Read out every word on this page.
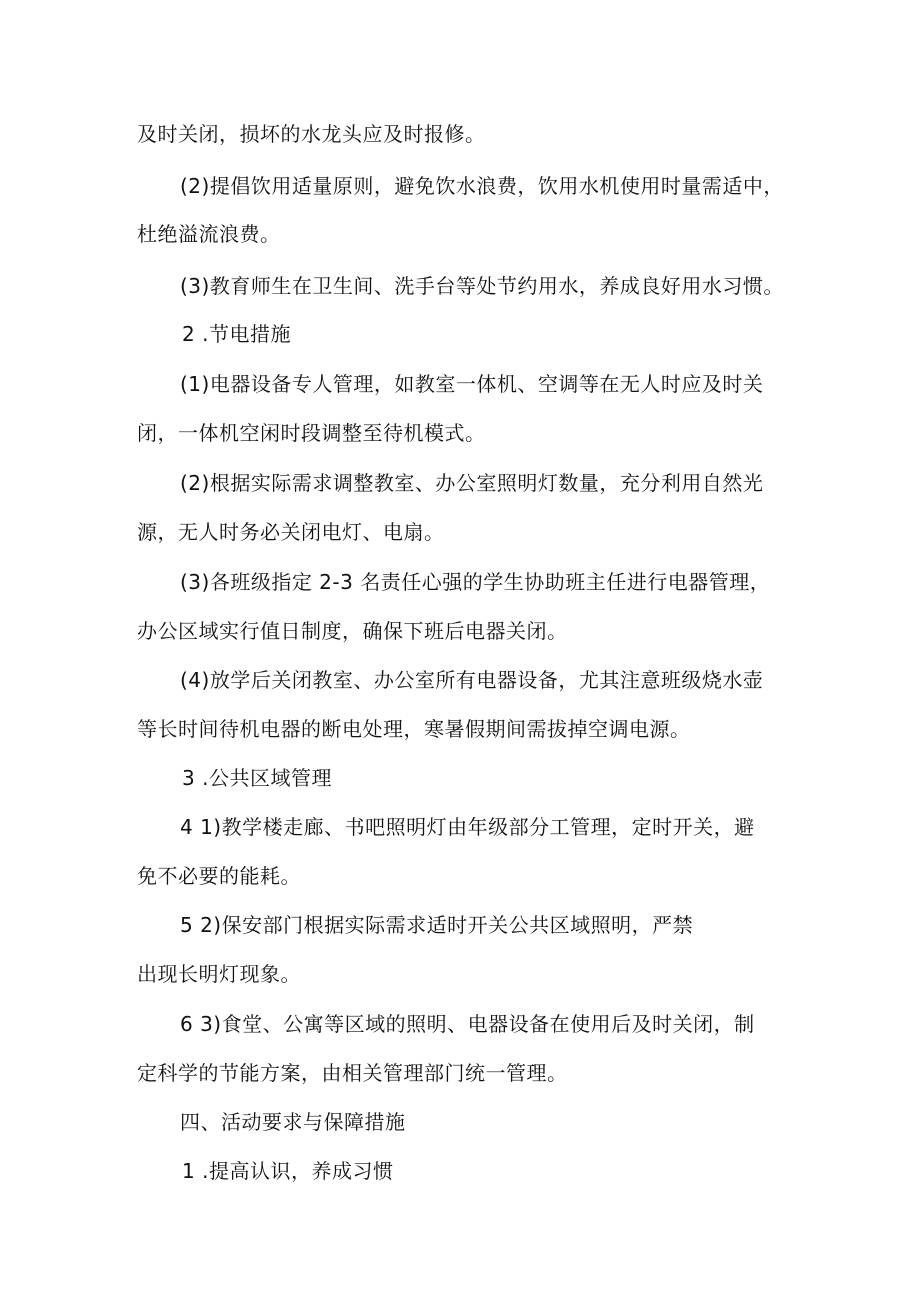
及时关闭，损坏的水龙头应及时报修。
(2)提倡饮用适量原则，避免饮水浪费，饮用水机使用时量需适中，
杜绝溢流浪费。
(3)教育师生在卫生间、洗手台等处节约用水，养成良好用水习惯。
2 .节电措施
(1)电器设备专人管理，如教室一体机、空调等在无人时应及时关
闭，一体机空闲时段调整至待机模式。
(2)根据实际需求调整教室、办公室照明灯数量，充分利用自然光
源，无人时务必关闭电灯、电扇。
(3)各班级指定 2-3 名责任心强的学生协助班主任进行电器管理，
办公区域实行值日制度，确保下班后电器关闭。
(4)放学后关闭教室、办公室所有电器设备，尤其注意班级烧水壶
等长时间待机电器的断电处理，寒暑假期间需拔掉空调电源。
3 .公共区域管理
4 1)教学楼走廊、书吧照明灯由年级部分工管理，定时开关，避
免不必要的能耗。
5 2)保安部门根据实际需求适时开关公共区域照明，严禁
出现长明灯现象。
6 3)食堂、公寓等区域的照明、电器设备在使用后及时关闭，制
定科学的节能方案，由相关管理部门统一管理。
四、活动要求与保障措施
1 .提高认识，养成习惯
